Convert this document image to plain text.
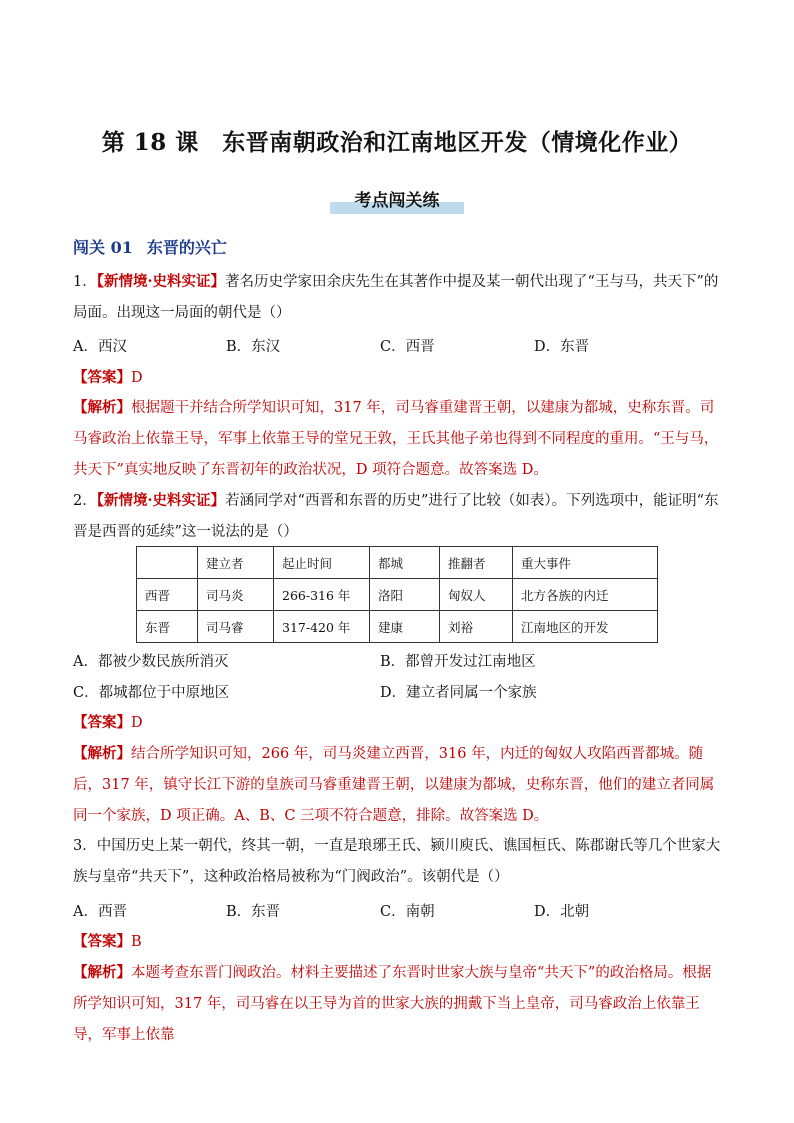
第 18 课　东晋南朝政治和江南地区开发（情境化作业）
考点闯关练
闯关 01 东晋的兴亡

1．【新情境·史料实证】著名历史学家田余庆先生在其著作中提及某一朝代出现了“王与马，共天下”的局面。出现这一局面的朝代是（）

A．西汉	B．东汉	C．西晋	D．东晋

【答案】D

【解析】根据题干并结合所学知识可知，317 年，司马睿重建晋王朝，以建康为都城，史称东晋。司马睿政治上依靠王导，军事上依靠王导的堂兄王敦，王氏其他子弟也得到不同程度的重用。“王与马，共天下”真实地反映了东晋初年的政治状况，D 项符合题意。故答案选 D。

2．【新情境·史料实证】若涵同学对“西晋和东晋的历史”进行了比较（如表）。下列选项中，能证明“东晋是西晋的延续”这一说法的是（）

	建立者	起止时间	都城	推翻者	重大事件
西晋	司马炎	266-316 年	洛阳	匈奴人	北方各族的内迁
东晋	司马睿	317-420 年	建康	刘裕	江南地区的开发
A．都被少数民族所消灭	B．都曾开发过江南地区
C．都城都位于中原地区	D．建立者同属一个家族

【答案】D

【解析】结合所学知识可知，266 年，司马炎建立西晋，316 年，内迁的匈奴人攻陷西晋都城。随后，317 年，镇守长江下游的皇族司马睿重建晋王朝，以建康为都城，史称东晋，他们的建立者同属同一个家族，D 项正确。A、B、C 三项不符合题意，排除。故答案选 D。

3．中国历史上某一朝代，终其一朝，一直是琅琊王氏、颍川庾氏、谯国桓氏、陈郡谢氏等几个世家大族与皇帝“共天下”，这种政治格局被称为“门阀政治”。该朝代是（）

A．西晋	B．东晋	C．南朝	D．北朝

【答案】B

【解析】本题考查东晋门阀政治。材料主要描述了东晋时世家大族与皇帝“共天下”的政治格局。根据所学知识可知，317 年，司马睿在以王导为首的世家大族的拥戴下当上皇帝，司马睿政治上依靠王导，军事上依靠
